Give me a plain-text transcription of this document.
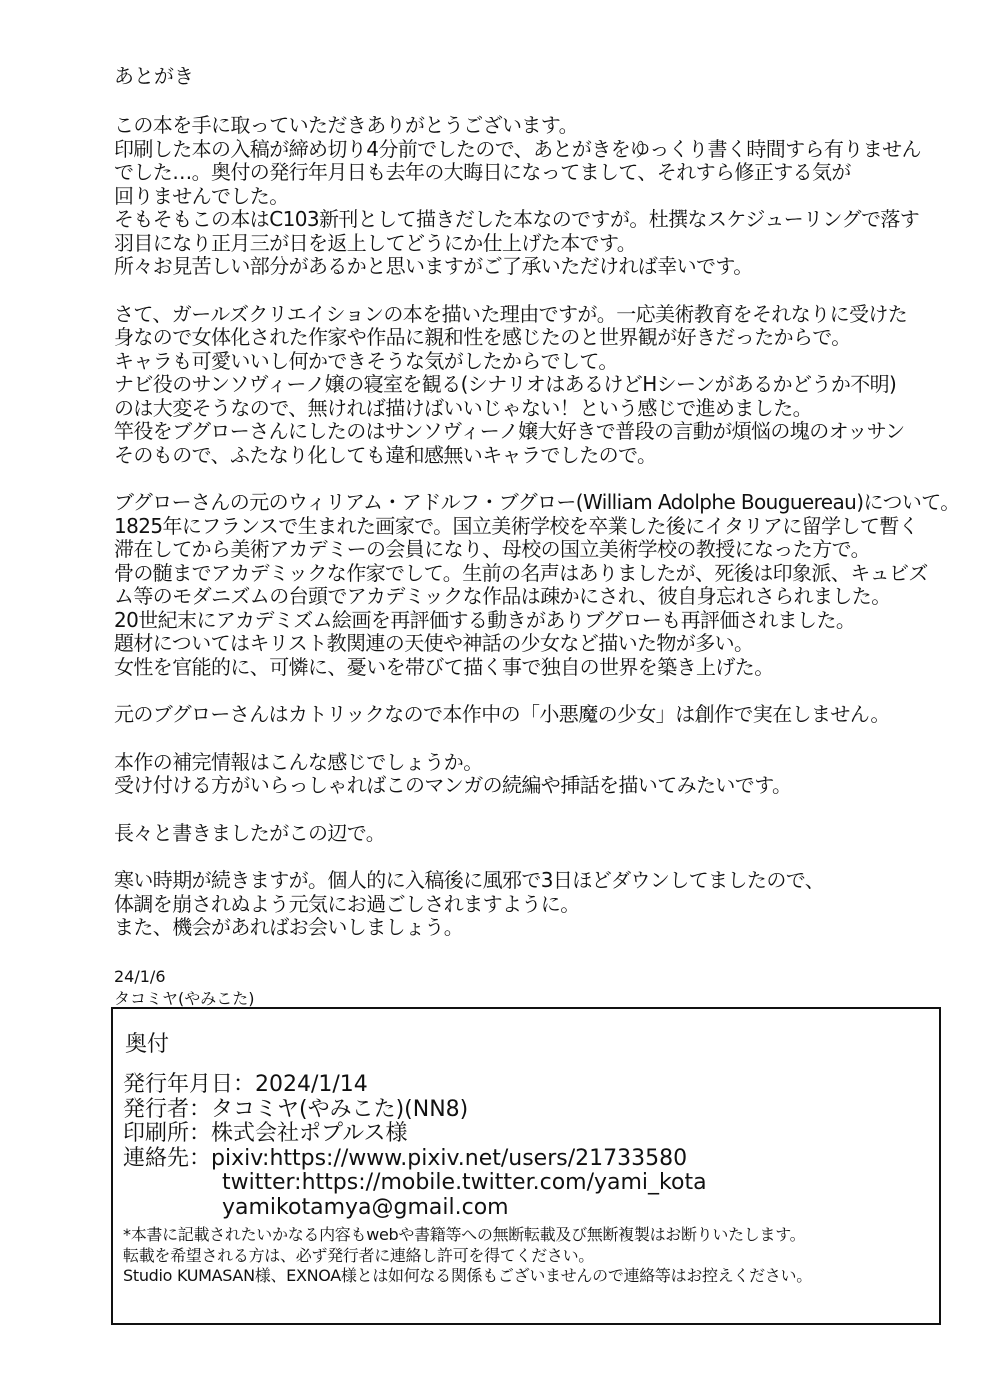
あとがき
この本を手に取っていただきありがとうございます。
印刷した本の入稿が締め切り4分前でしたので、あとがきをゆっくり書く時間すら有りません
でした…。奥付の発行年月日も去年の大晦日になってまして、それすら修正する気が
回りませんでした。
そもそもこの本はC103新刊として描きだした本なのですが。杜撰なスケジューリングで落す
羽目になり正月三が日を返上してどうにか仕上げた本です。
所々お見苦しい部分があるかと思いますがご了承いただければ幸いです。
さて、ガールズクリエイションの本を描いた理由ですが。一応美術教育をそれなりに受けた
身なので女体化された作家や作品に親和性を感じたのと世界観が好きだったからで。
キャラも可愛いいし何かできそうな気がしたからでして。
ナビ役のサンソヴィーノ嬢の寝室を観る(シナリオはあるけどHシーンがあるかどうか不明)
のは大変そうなので、無ければ描けばいいじゃない！という感じで進めました。
竿役をブグローさんにしたのはサンソヴィーノ嬢大好きで普段の言動が煩悩の塊のオッサン
そのもので、ふたなり化しても違和感無いキャラでしたので。
ブグローさんの元のウィリアム・アドルフ・ブグロー(William Adolphe Bouguereau)について。
1825年にフランスで生まれた画家で。国立美術学校を卒業した後にイタリアに留学して暫く
滞在してから美術アカデミーの会員になり、母校の国立美術学校の教授になった方で。
骨の髄までアカデミックな作家でして。生前の名声はありましたが、死後は印象派、キュビズ
ム等のモダニズムの台頭でアカデミックな作品は疎かにされ、彼自身忘れさられました。
20世紀末にアカデミズム絵画を再評価する動きがありブグローも再評価されました。
題材についてはキリスト教関連の天使や神話の少女など描いた物が多い。
女性を官能的に、可憐に、憂いを帯びて描く事で独自の世界を築き上げた。
元のブグローさんはカトリックなので本作中の「小悪魔の少女」は創作で実在しません。
本作の補完情報はこんな感じでしょうか。
受け付ける方がいらっしゃればこのマンガの続編や挿話を描いてみたいです。
長々と書きましたがこの辺で。
寒い時期が続きますが。個人的に入稿後に風邪で3日ほどダウンしてましたので、
体調を崩されぬよう元気にお過ごしされますように。
また、機会があればお会いしましょう。
24/1/6
タコミヤ(やみこた)
奥付
発行年月日：2024/1/14
発行者：タコミヤ(やみこた)(NN8)
印刷所：株式会社ポプルス様
連絡先：pixiv:https://www.pixiv.net/users/21733580
twitter:https://mobile.twitter.com/yami_kota
yamikotamya@gmail.com
*本書に記載されたいかなる内容もwebや書籍等への無断転載及び無断複製はお断りいたします。
転載を希望される方は、必ず発行者に連絡し許可を得てください。
Studio KUMASAN様、EXNOA様とは如何なる関係もございませんので連絡等はお控えください。
